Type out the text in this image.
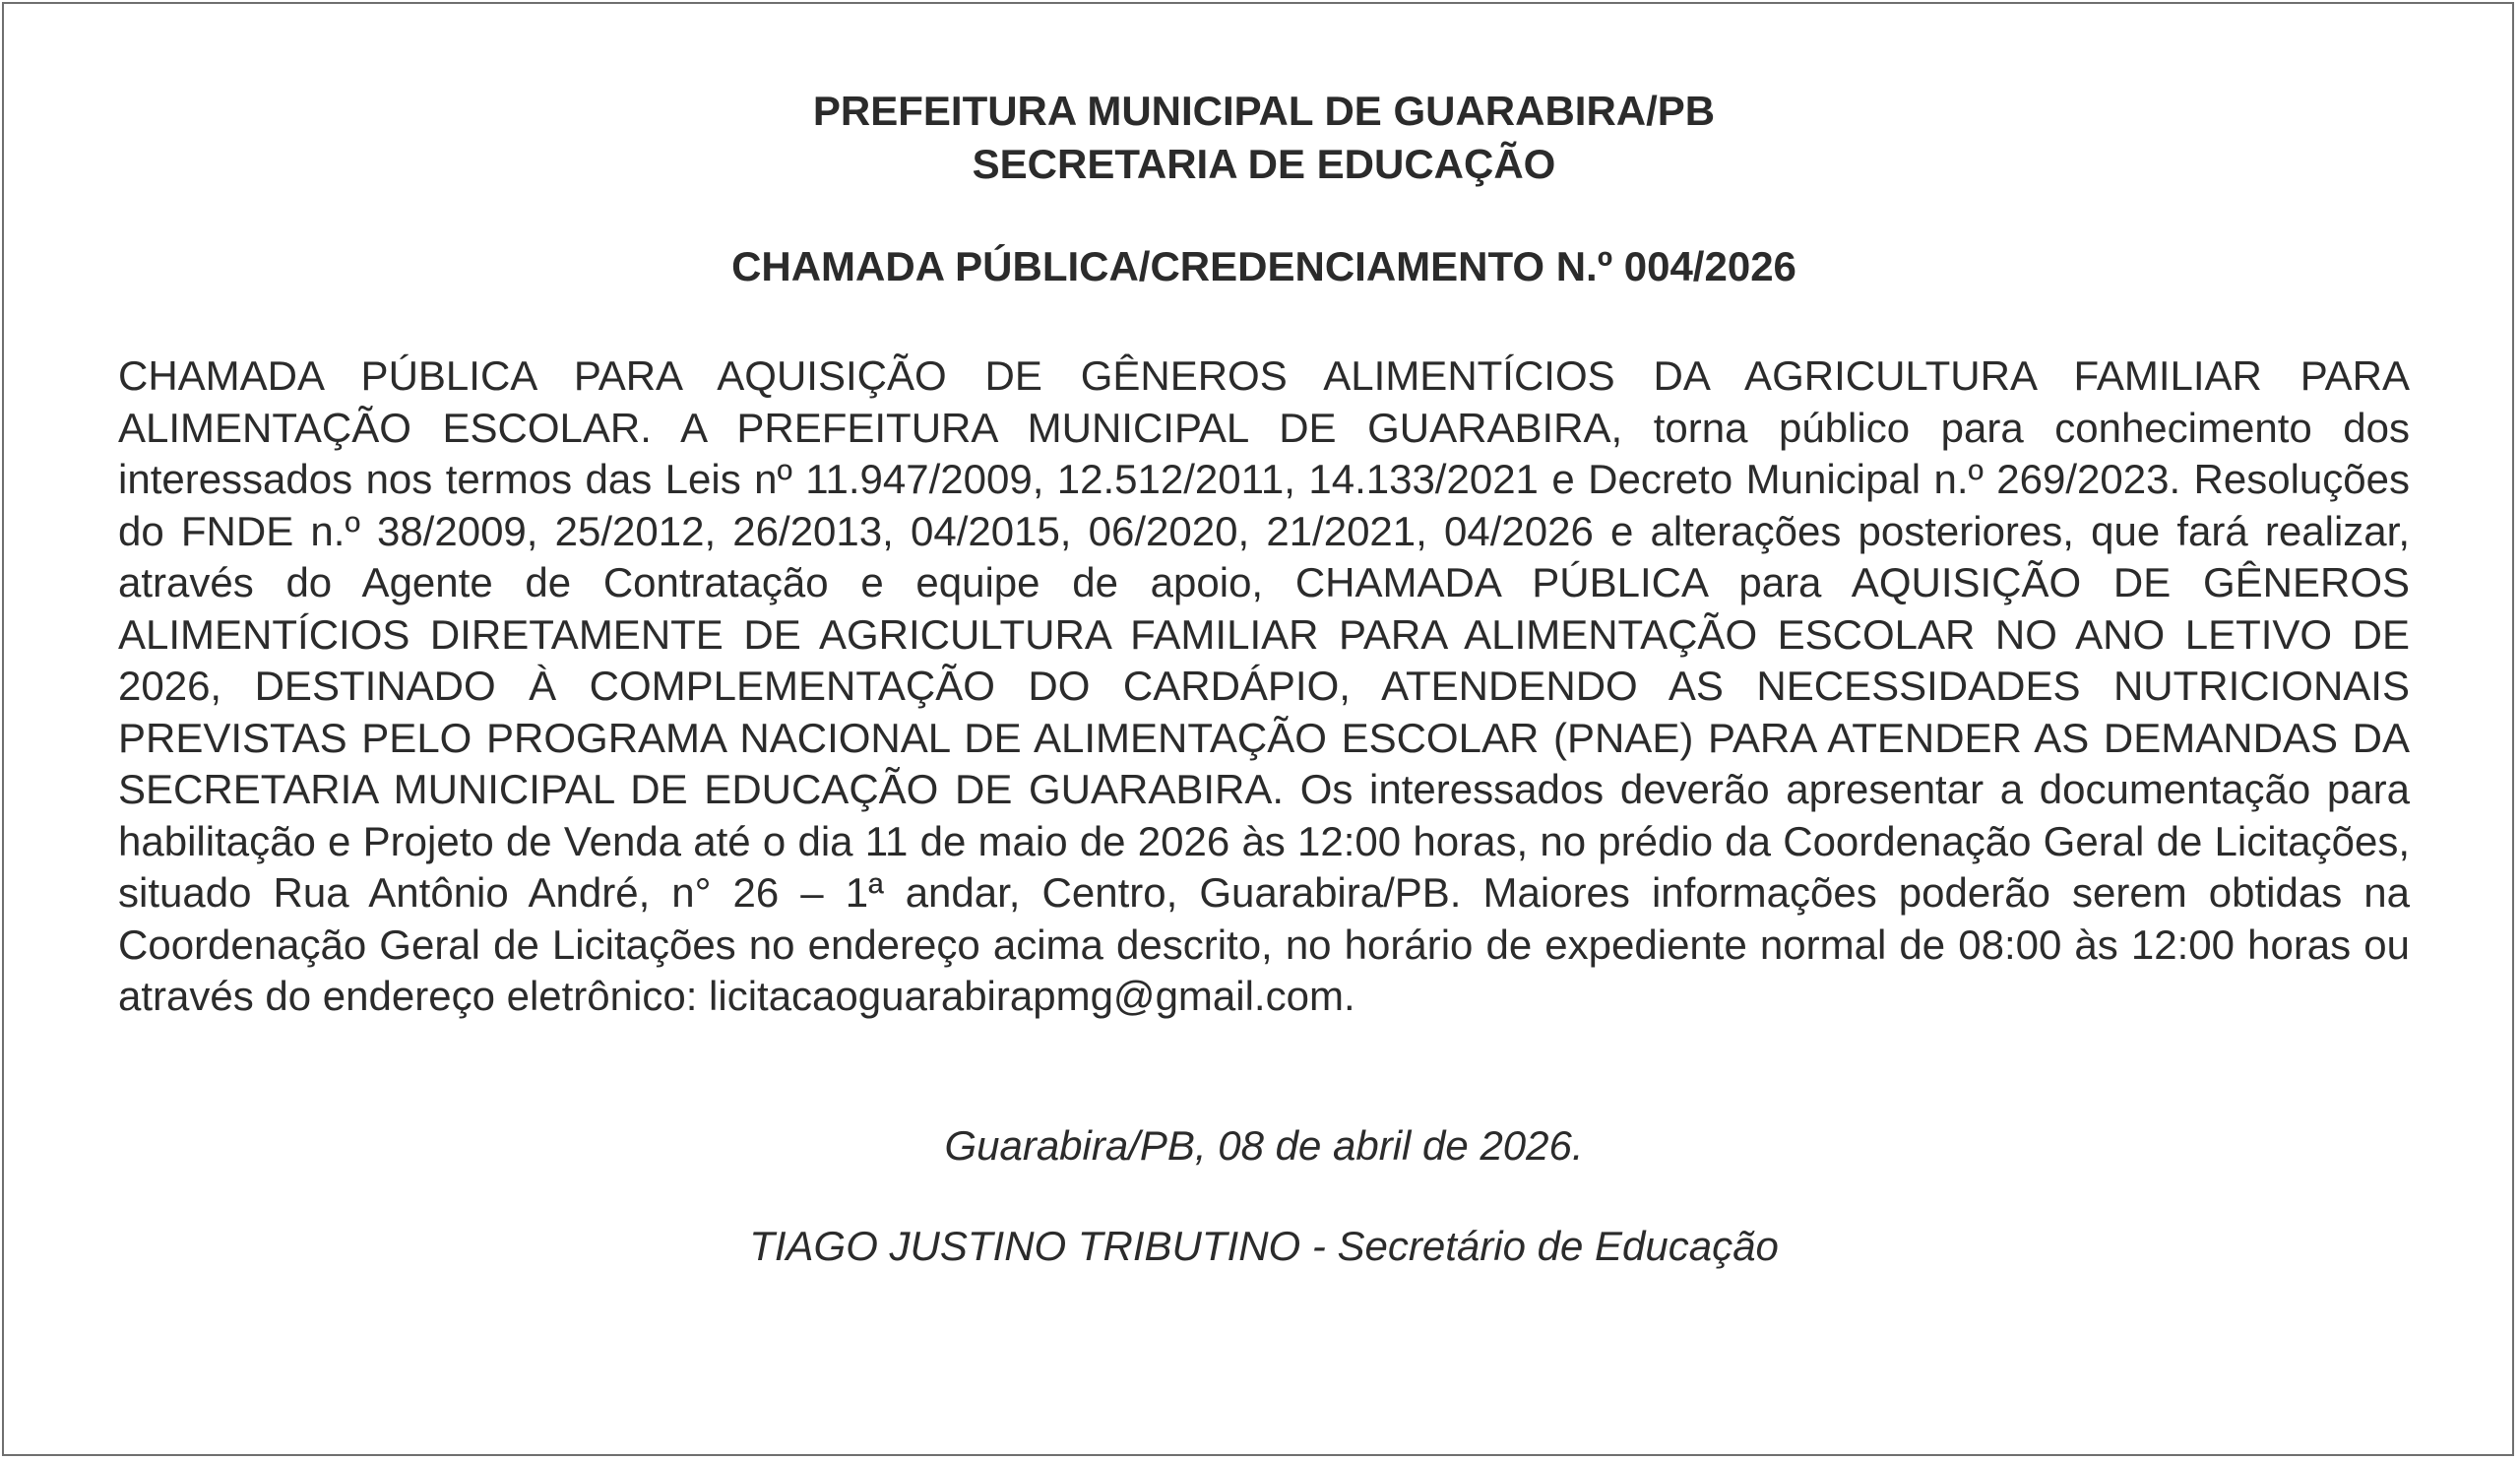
PREFEITURA MUNICIPAL DE GUARABIRA/PB

SECRETARIA DE EDUCAÇÃO

CHAMADA PÚBLICA/CREDENCIAMENTO N.º 004/2026

CHAMADA PÚBLICA PARA AQUISIÇÃO DE GÊNEROS ALIMENTÍCIOS DA AGRICULTURA FAMILIAR PARA ALIMENTAÇÃO ESCOLAR. A PREFEITURA MUNICIPAL DE GUARABIRA, torna público para conhecimento dos interessados nos termos das Leis nº 11.947/2009, 12.512/2011, 14.133/2021 e Decreto Municipal n.º 269/2023. Resoluções do FNDE n.º 38/2009, 25/2012, 26/2013, 04/2015, 06/2020, 21/2021, 04/2026 e alterações posteriores, que fará realizar, através do Agente de Contratação e equipe de apoio, CHAMADA PÚBLICA para AQUISIÇÃO DE GÊNEROS ALIMENTÍCIOS DIRETAMENTE DE AGRICULTURA FAMILIAR PARA ALIMENTAÇÃO ESCOLAR NO ANO LETIVO DE 2026, DESTINADO À COMPLEMENTAÇÃO DO CARDÁPIO, ATENDENDO AS NECESSIDADES NUTRICIONAIS PREVISTAS PELO PROGRAMA NACIONAL DE ALIMENTAÇÃO ESCOLAR (PNAE) PARA ATENDER AS DEMANDAS DA SECRETARIA MUNICIPAL DE EDUCAÇÃO DE GUARABIRA. Os interessados deverão apresentar a documentação para habilitação e Projeto de Venda até o dia 11 de maio de 2026 às 12:00 horas, no prédio da Coordenação Geral de Licitações, situado Rua Antônio André, n° 26 – 1ª andar, Centro, Guarabira/PB. Maiores informações poderão serem obtidas na Coordenação Geral de Licitações no endereço acima descrito, no horário de expediente normal de 08:00 às 12:00 horas ou através do endereço eletrônico: licitacaoguarabirapmg@gmail.com.

Guarabira/PB, 08 de abril de 2026.

TIAGO JUSTINO TRIBUTINO - Secretário de Educação
